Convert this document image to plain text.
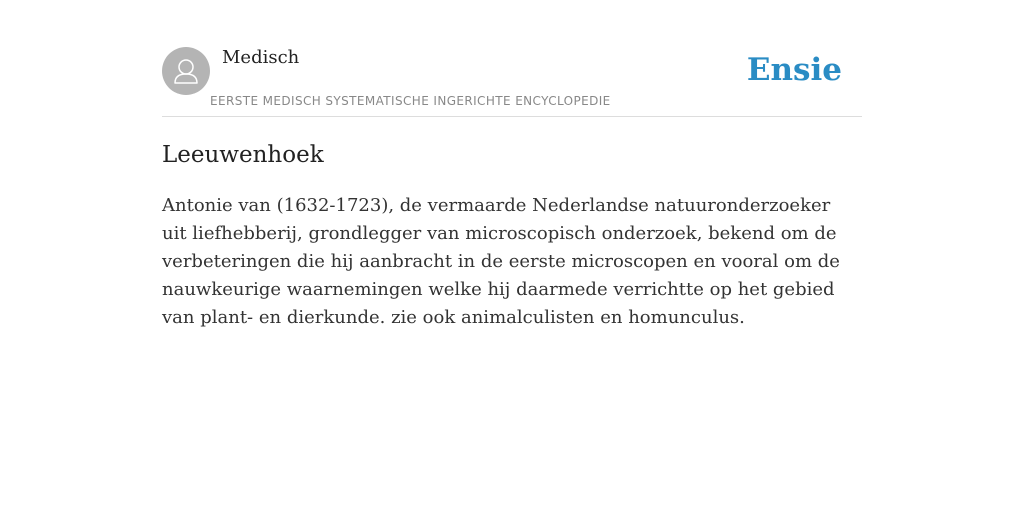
Medisch
EERSTE MEDISCH SYSTEMATISCHE INGERICHTE ENCYCLOPEDIE
Ensie
Leeuwenhoek

Antonie van (1632-1723), de vermaarde Nederlandse natuuronderzoeker uit liefhebberij, grondlegger van microscopisch onderzoek, bekend om de verbeteringen die hij aanbracht in de eerste microscopen en vooral om de nauwkeurige waarnemingen welke hij daarmede verrichtte op het gebied van plant- en dierkunde. zie ook animalculisten en homunculus.
